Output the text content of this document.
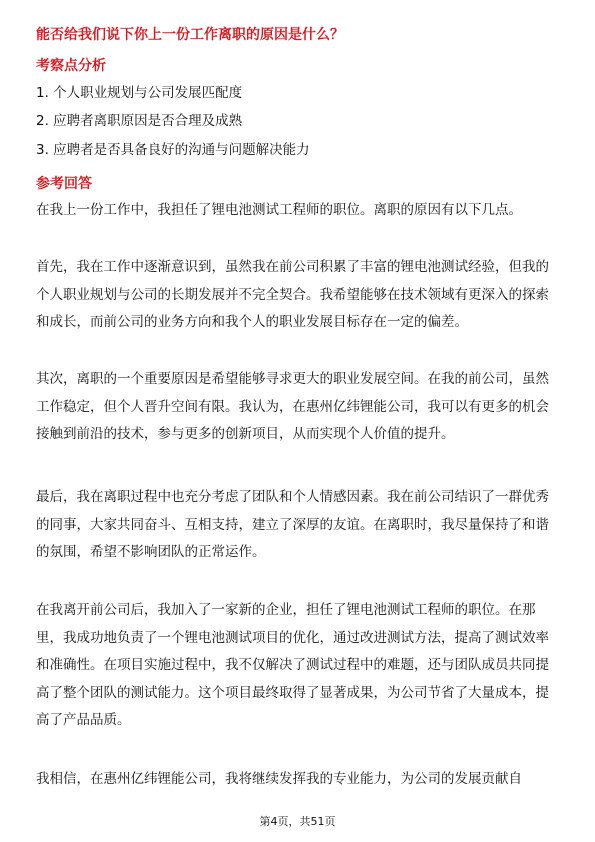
能否给我们说下你上一份工作离职的原因是什么？
考察点分析
1. 个人职业规划与公司发展匹配度
2. 应聘者离职原因是否合理及成熟
3. 应聘者是否具备良好的沟通与问题解决能力
参考回答
在我上一份工作中，我担任了锂电池测试工程师的职位。离职的原因有以下几点。
首先，我在工作中逐渐意识到，虽然我在前公司积累了丰富的锂电池测试经验，但我的个人职业规划与公司的长期发展并不完全契合。我希望能够在技术领域有更深入的探索和成长，而前公司的业务方向和我个人的职业发展目标存在一定的偏差。
其次，离职的一个重要原因是希望能够寻求更大的职业发展空间。在我的前公司，虽然工作稳定，但个人晋升空间有限。我认为，在惠州亿纬锂能公司，我可以有更多的机会接触到前沿的技术，参与更多的创新项目，从而实现个人价值的提升。
最后，我在离职过程中也充分考虑了团队和个人情感因素。我在前公司结识了一群优秀的同事，大家共同奋斗、互相支持，建立了深厚的友谊。在离职时，我尽量保持了和谐的氛围，希望不影响团队的正常运作。
在我离开前公司后，我加入了一家新的企业，担任了锂电池测试工程师的职位。在那里，我成功地负责了一个锂电池测试项目的优化，通过改进测试方法，提高了测试效率和准确性。在项目实施过程中，我不仅解决了测试过程中的难题，还与团队成员共同提高了整个团队的测试能力。这个项目最终取得了显著成果，为公司节省了大量成本，提高了产品品质。
我相信，在惠州亿纬锂能公司，我将继续发挥我的专业能力，为公司的发展贡献自
第4页，共51页
